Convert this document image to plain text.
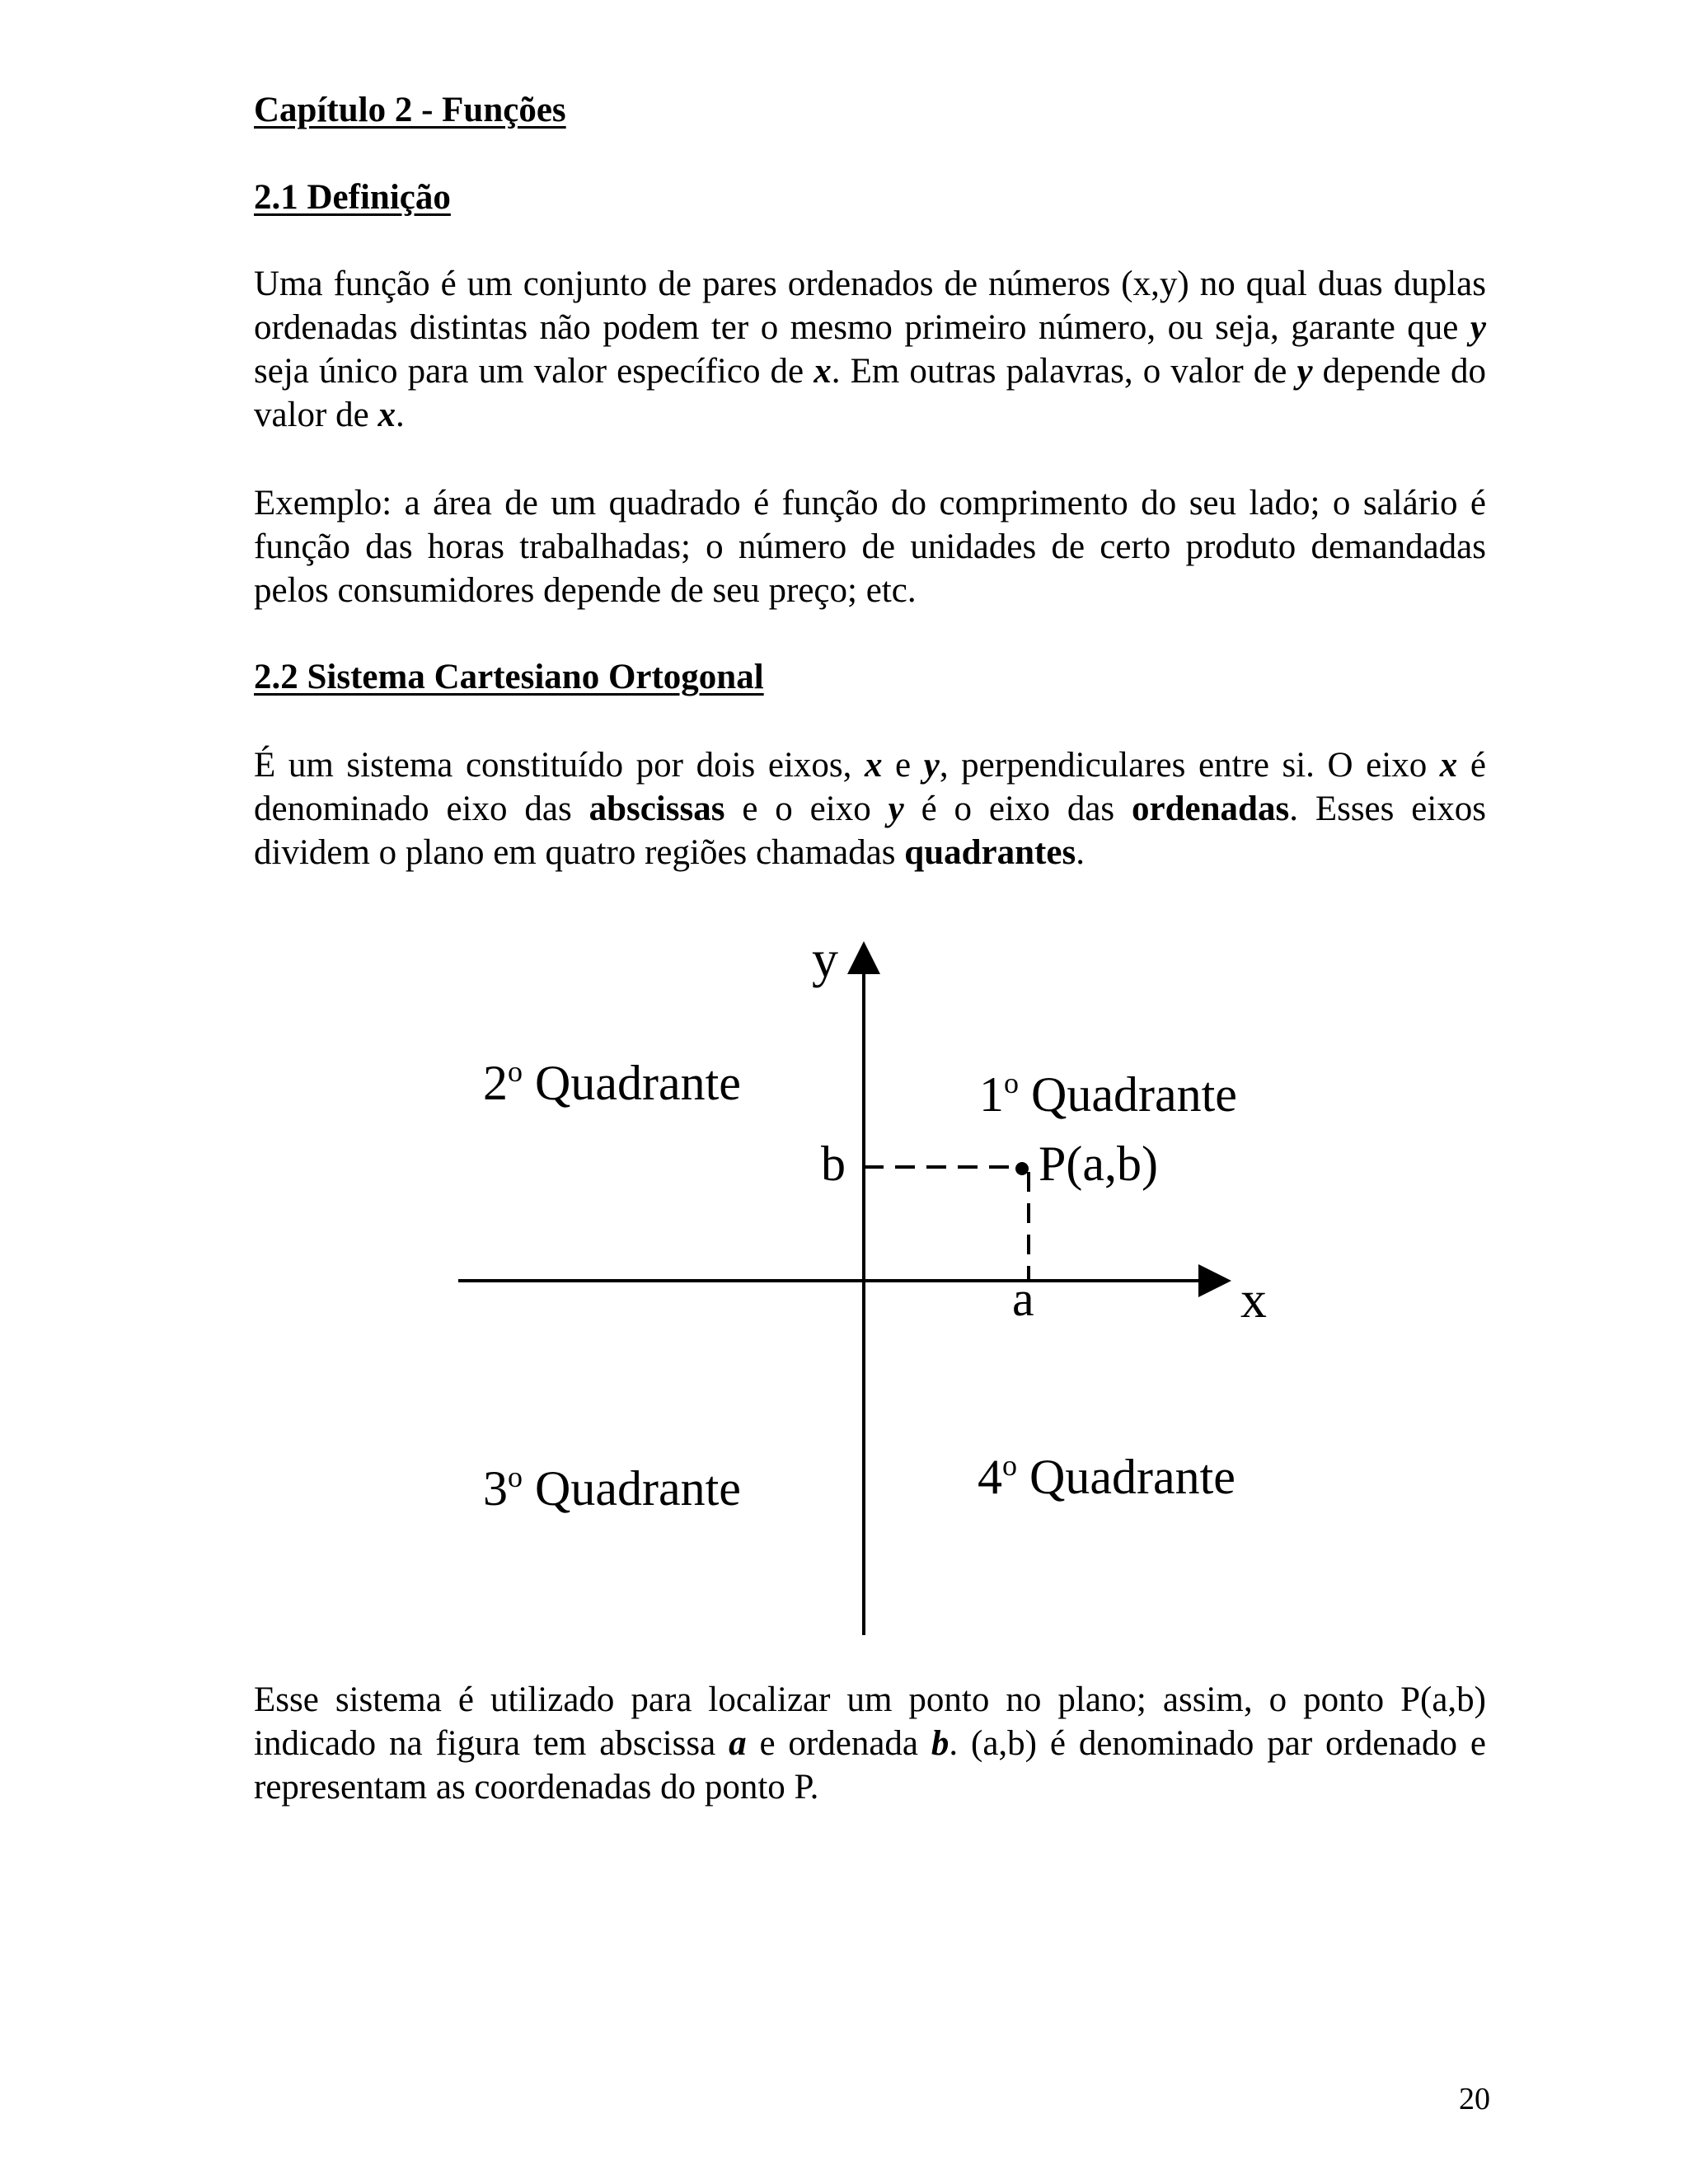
Capítulo 2 - Funções
2.1 Definição

Uma função é um conjunto de pares ordenados de números (x,y) no qual duas duplas ordenadas distintas não podem ter o mesmo primeiro número, ou seja, garante que y seja único para um valor específico de x. Em outras palavras, o valor de y depende do valor de x.

Exemplo: a área de um quadrado é função do comprimento do seu lado; o salário é função das horas trabalhadas; o número de unidades de certo produto demandadas pelos consumidores depende de seu preço; etc.

2.2 Sistema Cartesiano Ortogonal

É um sistema constituído por dois eixos, x e y, perpendiculares entre si. O eixo x é denominado eixo das abscissas e o eixo y é o eixo das ordenadas. Esses eixos dividem o plano em quatro regiões chamadas quadrantes.

y
x
b
a
P(a,b)
2$^o$ Quadrante	1$^o$ Quadrante
3$^o$ Quadrante	4$^o$ Quadrante

Esse sistema é utilizado para localizar um ponto no plano; assim, o ponto P(a,b) indicado na figura tem abscissa a e ordenada b. (a,b) é denominado par ordenado e representam as coordenadas do ponto P.

20
